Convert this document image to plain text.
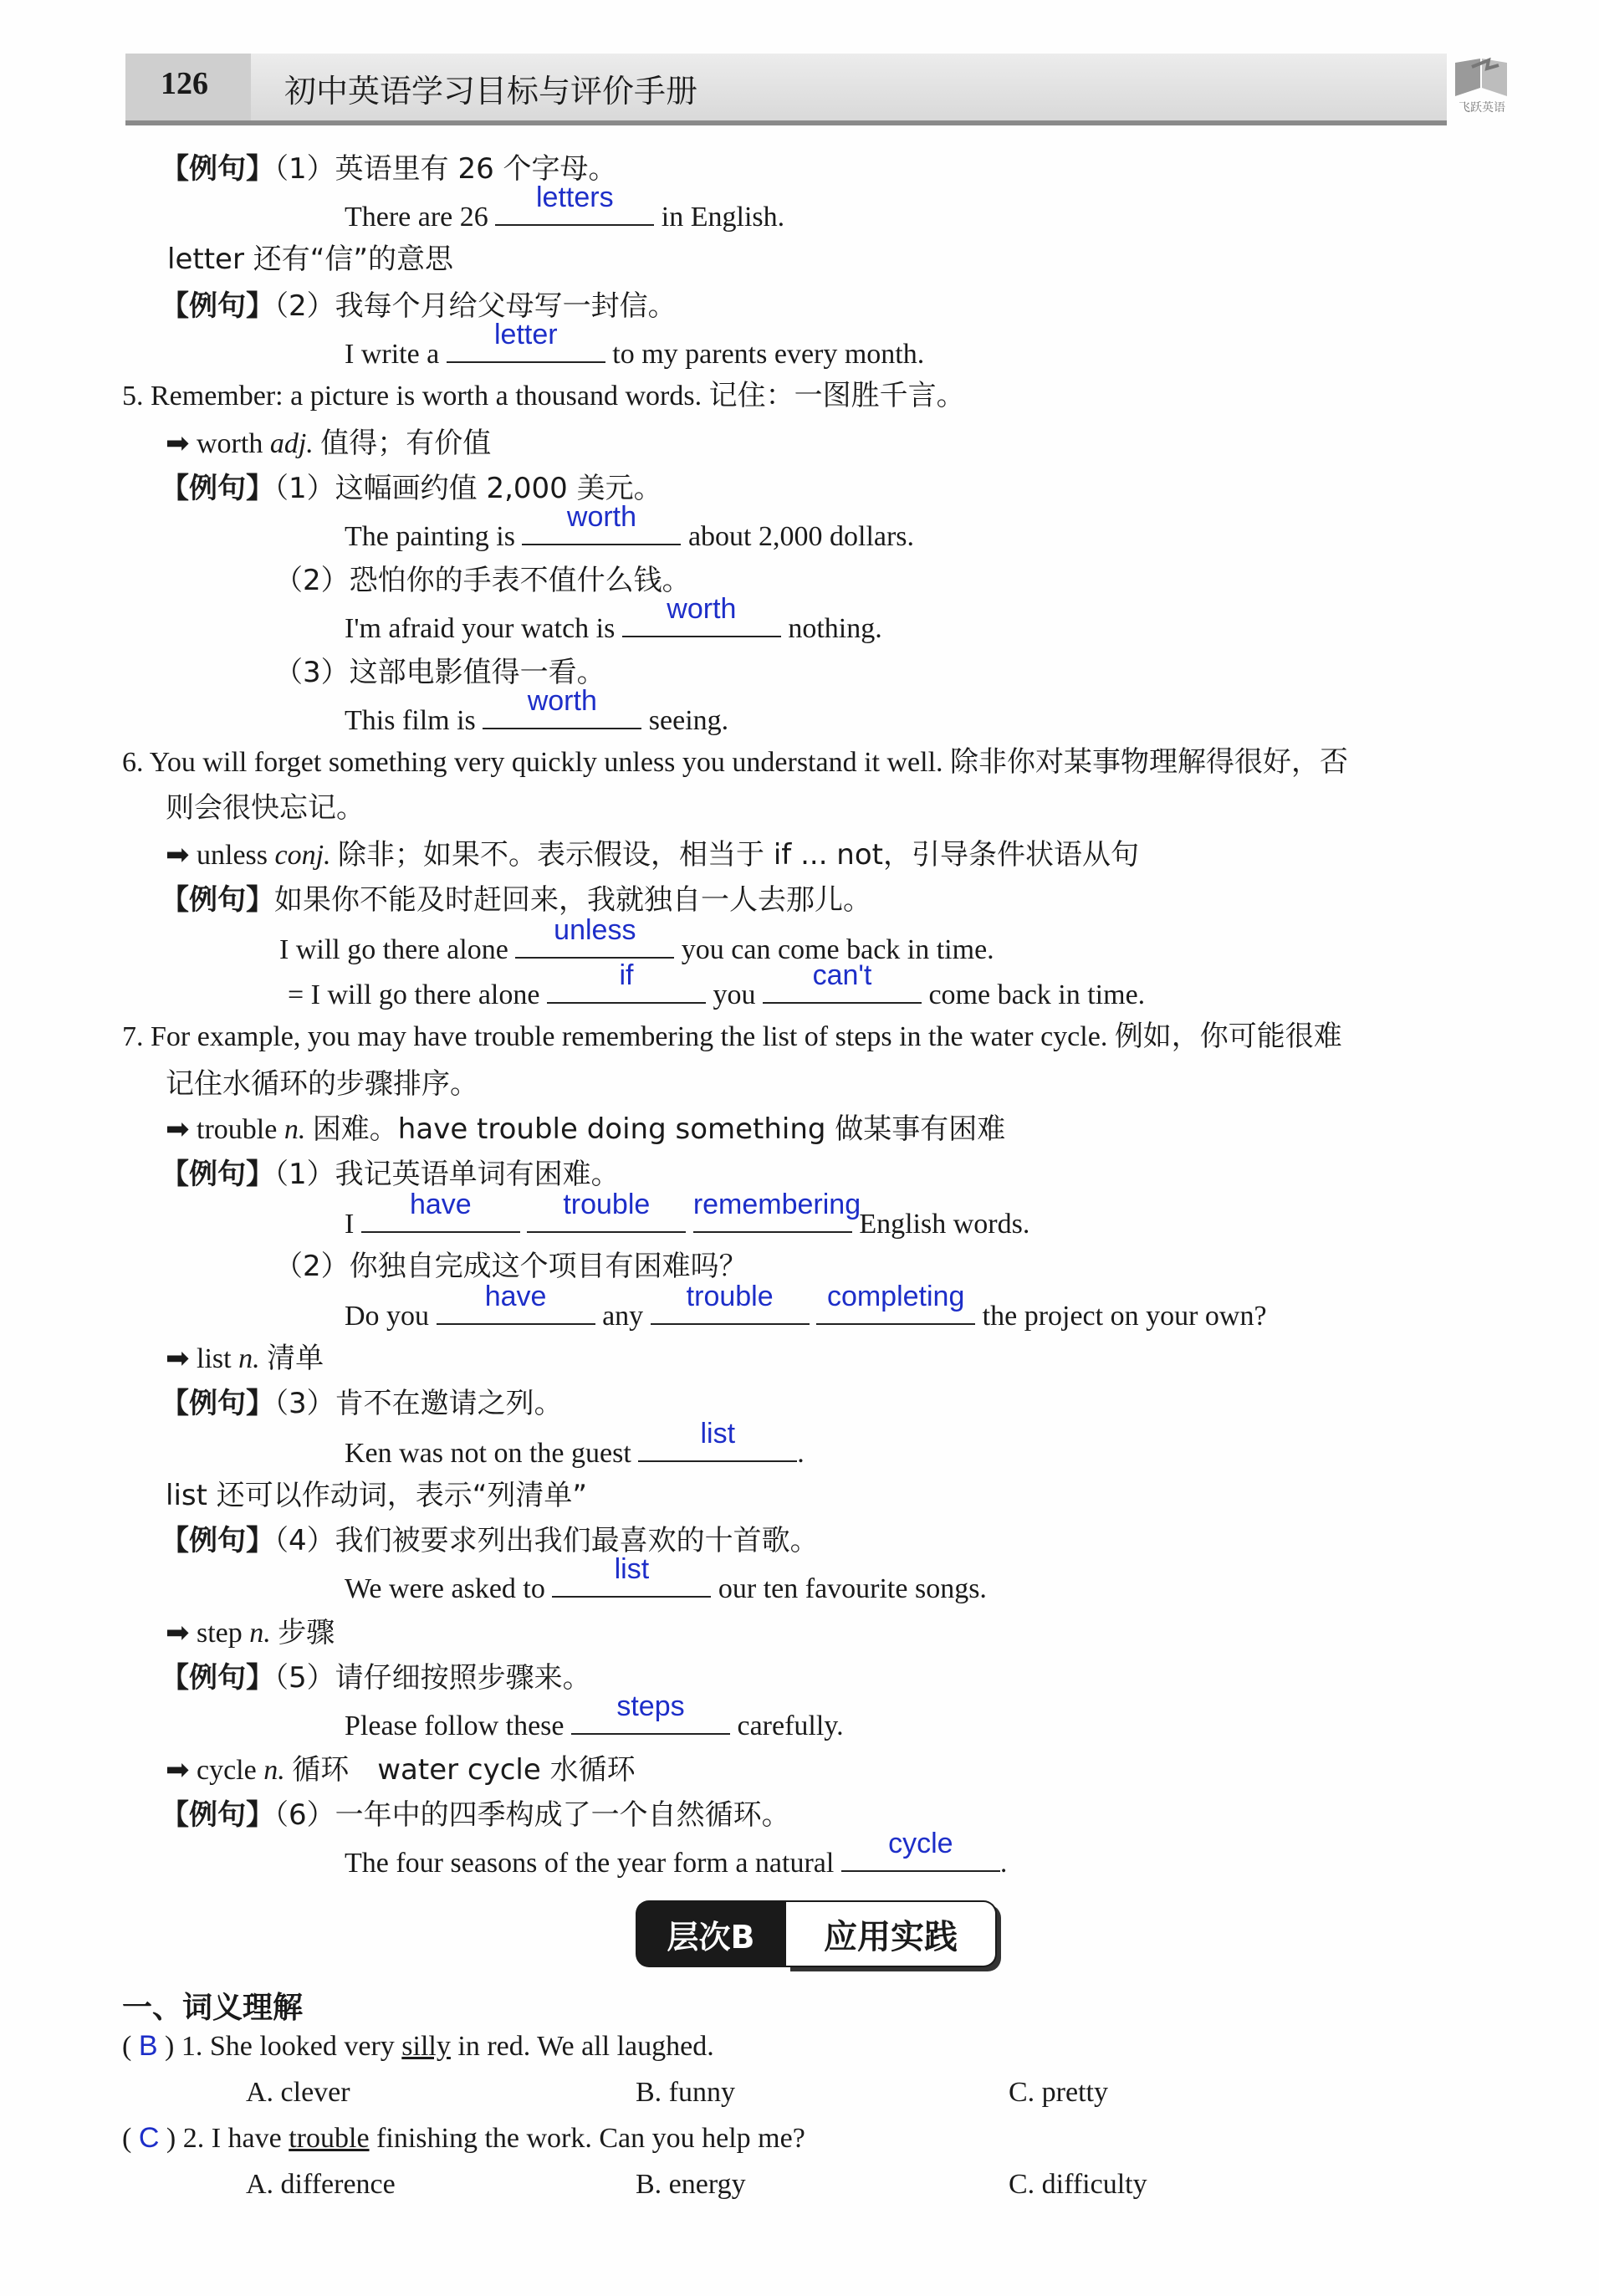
126 初中英语学习目标与评价手册	飞跃英语
【例句】（1）英语里有 26 个字母。
There are 26
letters
in English.
letter 还有“信”的意思
【例句】（2）我每个月给父母写一封信。
I write a
letter
to my parents every month.
5. Remember: a picture is worth a thousand words. 记住：一图胜千言。
➡ worth adj. 值得；有价值
【例句】（1）这幅画约值 2,000 美元。
The painting is
worth
about 2,000 dollars.
（2）恐怕你的手表不值什么钱。
I'm afraid your watch is
worth
nothing.
（3）这部电影值得一看。
This film is
worth
seeing.
6. You will forget something very quickly unless you understand it well. 除非你对某事物理解得很好，否
则会很快忘记。
➡ unless conj. 除非；如果不。表示假设，相当于 if ... not，引导条件状语从句
【例句】如果你不能及时赶回来，我就独自一人去那儿。
I will go there alone
unless
you can come back in time.
= I will go there alone
if
you
can't
come back in time.
7. For example, you may have trouble remembering the list of steps in the water cycle. 例如，你可能很难
记住水循环的步骤排序。
➡ trouble n. 困难。have trouble doing something 做某事有困难
【例句】（1）我记英语单词有困难。
I
have
	trouble
	remembering
English words.
（2）你独自完成这个项目有困难吗？
Do you
have
any
trouble
	completing
the project on your own?
➡ list n. 清单
【例句】（3）肯不在邀请之列。
Ken was not on the guest
list
.
list 还可以作动词，表示“列清单”
【例句】（4）我们被要求列出我们最喜欢的十首歌。
We were asked to
list
our ten favourite songs.
➡ step n. 步骤
【例句】（5）请仔细按照步骤来。
Please follow these
steps
carefully.
➡ cycle n. 循环 water cycle 水循环
【例句】（6）一年中的四季构成了一个自然循环。
The four seasons of the year form a natural
cycle
.
层次B	应用实践
一、词义理解
( B ) 1. She looked very silly in red. We all laughed.
A. clever	B. funny	C. pretty
( C ) 2. I have trouble finishing the work. Can you help me?
A. difference	B. energy	C. difficulty
